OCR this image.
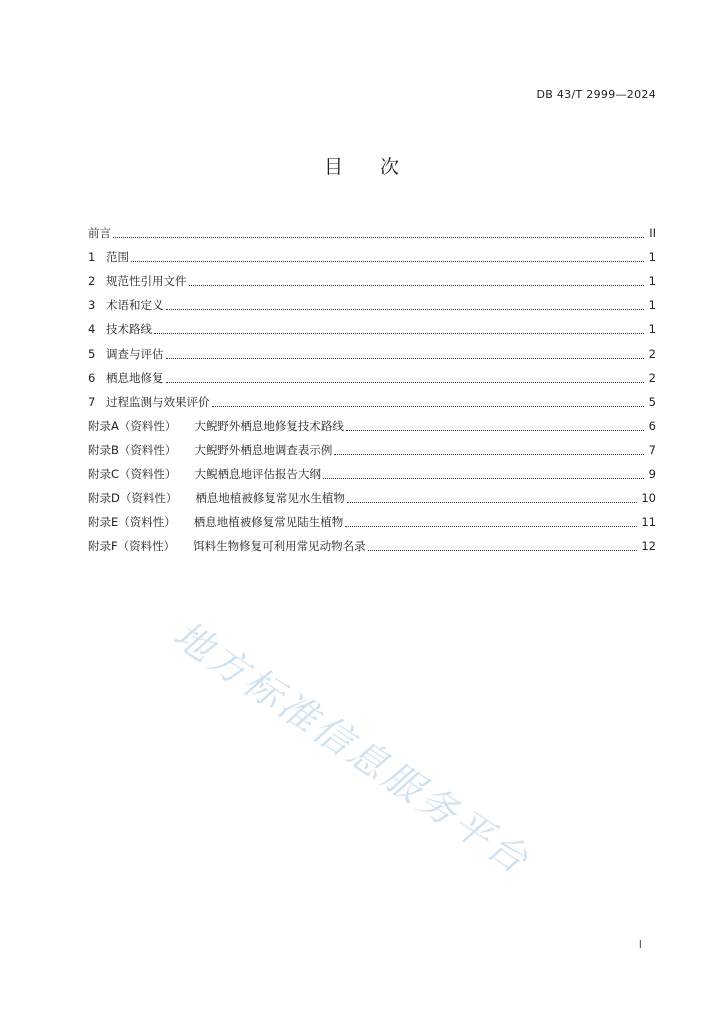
DB 43/T 2999—2024
目 次
前言	II
1 范围	1
2 规范性引用文件	1
3 术语和定义	1
4 技术路线	1
5 调查与评估	2
6 栖息地修复	2
7 过程监测与效果评价	5
附录A（资料性） 大鲵野外栖息地修复技术路线	6
附录B（资料性） 大鲵野外栖息地调查表示例	7
附录C（资料性） 大鲵栖息地评估报告大纲	9
附录D（资料性） 栖息地植被修复常见水生植物	10
附录E（资料性） 栖息地植被修复常见陆生植物	11
附录F（资料性） 饵料生物修复可利用常见动物名录	12
地方标准信息服务平台
I
